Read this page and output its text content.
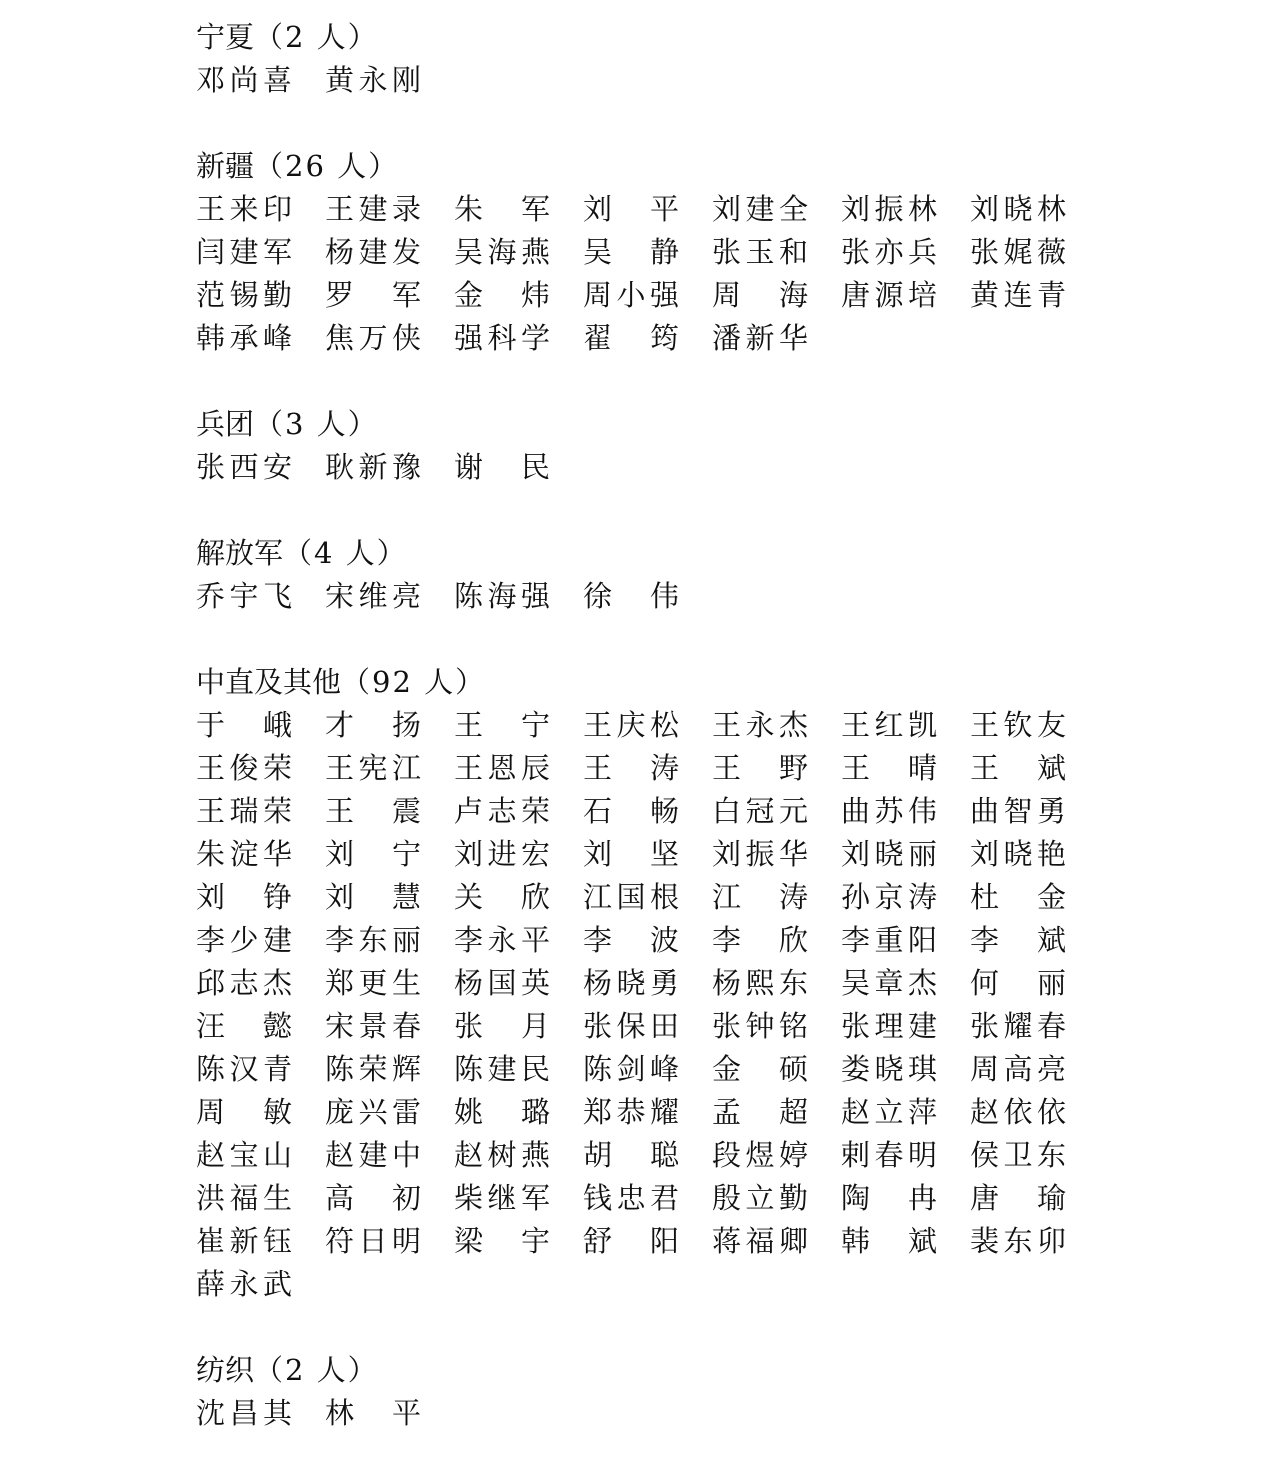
宁夏（2 人）
邓 尚 喜 黄 永 刚
新疆（26 人）
王 来 印 王 建 录 朱 军 刘 平 刘 建 全 刘 振 林 刘 晓 林
闫 建 军 杨 建 发 吴 海 燕 吴 静 张 玉 和 张 亦 兵 张 娓 薇
范 锡 勤 罗 军 金 炜 周 小 强 周 海 唐 源 培 黄 连 青
韩 承 峰 焦 万 侠 强 科 学 翟 筠 潘 新 华
兵团（3 人）
张 西 安 耿 新 豫 谢 民
解放军（4 人）
乔 宇 飞 宋 维 亮 陈 海 强 徐 伟
中直及其他（92 人）
于 峨 才 扬 王 宁 王 庆 松 王 永 杰 王 红 凯 王 钦 友
王 俊 荣 王 宪 江 王 恩 辰 王 涛 王 野 王 晴 王 斌
王 瑞 荣 王 震 卢 志 荣 石 畅 白 冠 元 曲 苏 伟 曲 智 勇
朱 淀 华 刘 宁 刘 进 宏 刘 坚 刘 振 华 刘 晓 丽 刘 晓 艳
刘 铮 刘 慧 关 欣 江 国 根 江 涛 孙 京 涛 杜 金
李 少 建 李 东 丽 李 永 平 李 波 李 欣 李 重 阳 李 斌
邱 志 杰 郑 更 生 杨 国 英 杨 晓 勇 杨 熙 东 吴 章 杰 何 丽
汪 懿 宋 景 春 张 月 张 保 田 张 钟 铭 张 理 建 张 耀 春
陈 汉 青 陈 荣 辉 陈 建 民 陈 剑 峰 金 硕 娄 晓 琪 周 高 亮
周 敏 庞 兴 雷 姚 璐 郑 恭 耀 孟 超 赵 立 萍 赵 依 依
赵 宝 山 赵 建 中 赵 树 燕 胡 聪 段 煜 婷 剌 春 明 侯 卫 东
洪 福 生 高 初 柴 继 军 钱 忠 君 殷 立 勤 陶 冉 唐 瑜
崔 新 钰 符 日 明 梁 宇 舒 阳 蒋 福 卿 韩 斌 裴 东 卯
薛 永 武
纺织（2 人）
沈 昌 其 林 平
